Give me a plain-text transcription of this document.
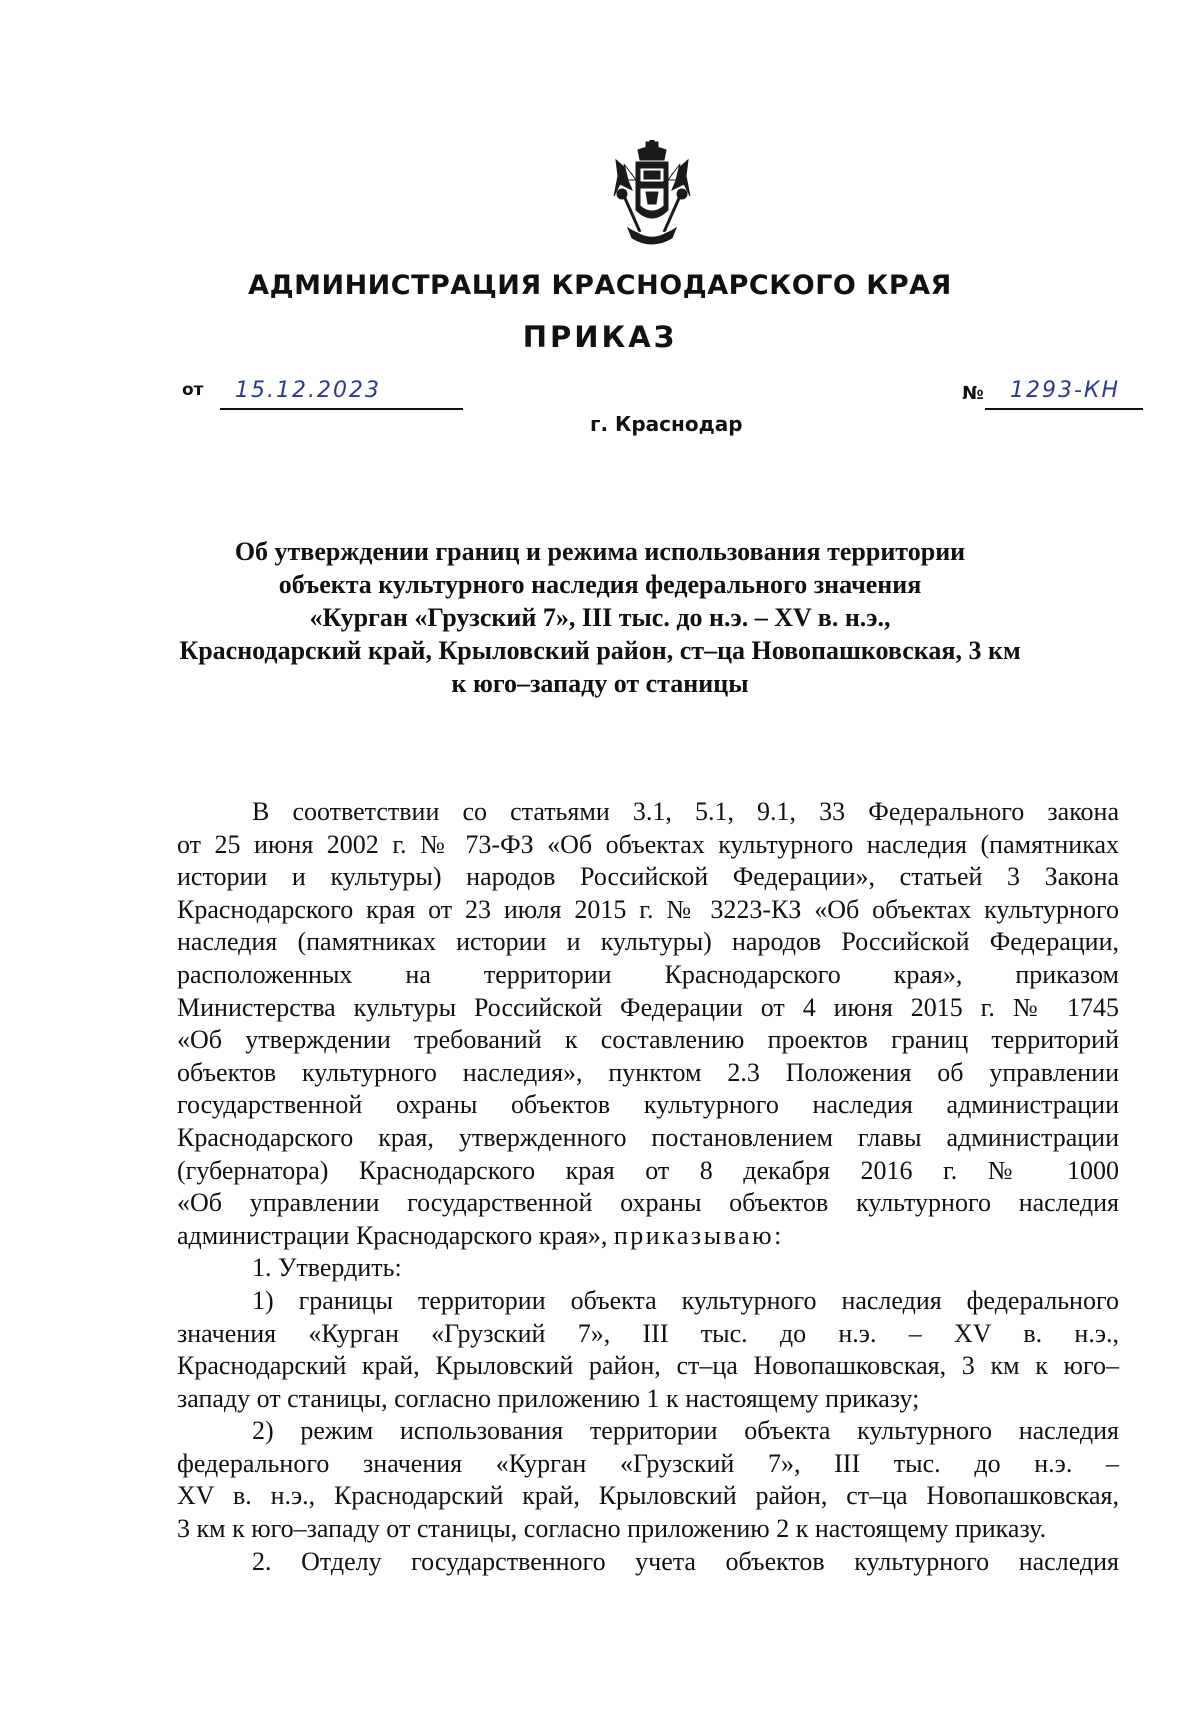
АДМИНИСТРАЦИЯ КРАСНОДАРСКОГО КРАЯ
ПРИКАЗ
от 15.12.2023
г. Краснодар
№ 1293-КН
Об утверждении границ и режима использования территории
объекта культурного наследия федерального значения
«Курган «Грузский 7», III тыс. до н.э. – XV в. н.э.,
Краснодарский край, Крыловский район, ст–ца Новопашковская, 3 км
к юго–западу от станицы
В соответствии со статьями 3.1, 5.1, 9.1, 33 Федерального закона
от 25 июня 2002 г. № 73-ФЗ «Об объектах культурного наследия (памятниках
истории и культуры) народов Российской Федерации», статьей 3 Закона
Краснодарского края от 23 июля 2015 г. № 3223-КЗ «Об объектах культурного
наследия (памятниках истории и культуры) народов Российской Федерации,
расположенных на территории Краснодарского края», приказом
Министерства культуры Российской Федерации от 4 июня 2015 г. № 1745
«Об утверждении требований к составлению проектов границ территорий
объектов культурного наследия», пунктом 2.3 Положения об управлении
государственной охраны объектов культурного наследия администрации
Краснодарского края, утвержденного постановлением главы администрации
(губернатора) Краснодарского края от 8 декабря 2016 г. № 1000
«Об управлении государственной охраны объектов культурного наследия
администрации Краснодарского края», приказываю:
1. Утвердить:
1) границы территории объекта культурного наследия федерального
значения «Курган «Грузский 7», III тыс. до н.э. – XV в. н.э.,
Краснодарский край, Крыловский район, ст–ца Новопашковская, 3 км к юго–
западу от станицы, согласно приложению 1 к настоящему приказу;
2) режим использования территории объекта культурного наследия
федерального значения «Курган «Грузский 7», III тыс. до н.э. –
XV в. н.э., Краснодарский край, Крыловский район, ст–ца Новопашковская,
3 км к юго–западу от станицы, согласно приложению 2 к настоящему приказу.
2. Отделу государственного учета объектов культурного наследия
